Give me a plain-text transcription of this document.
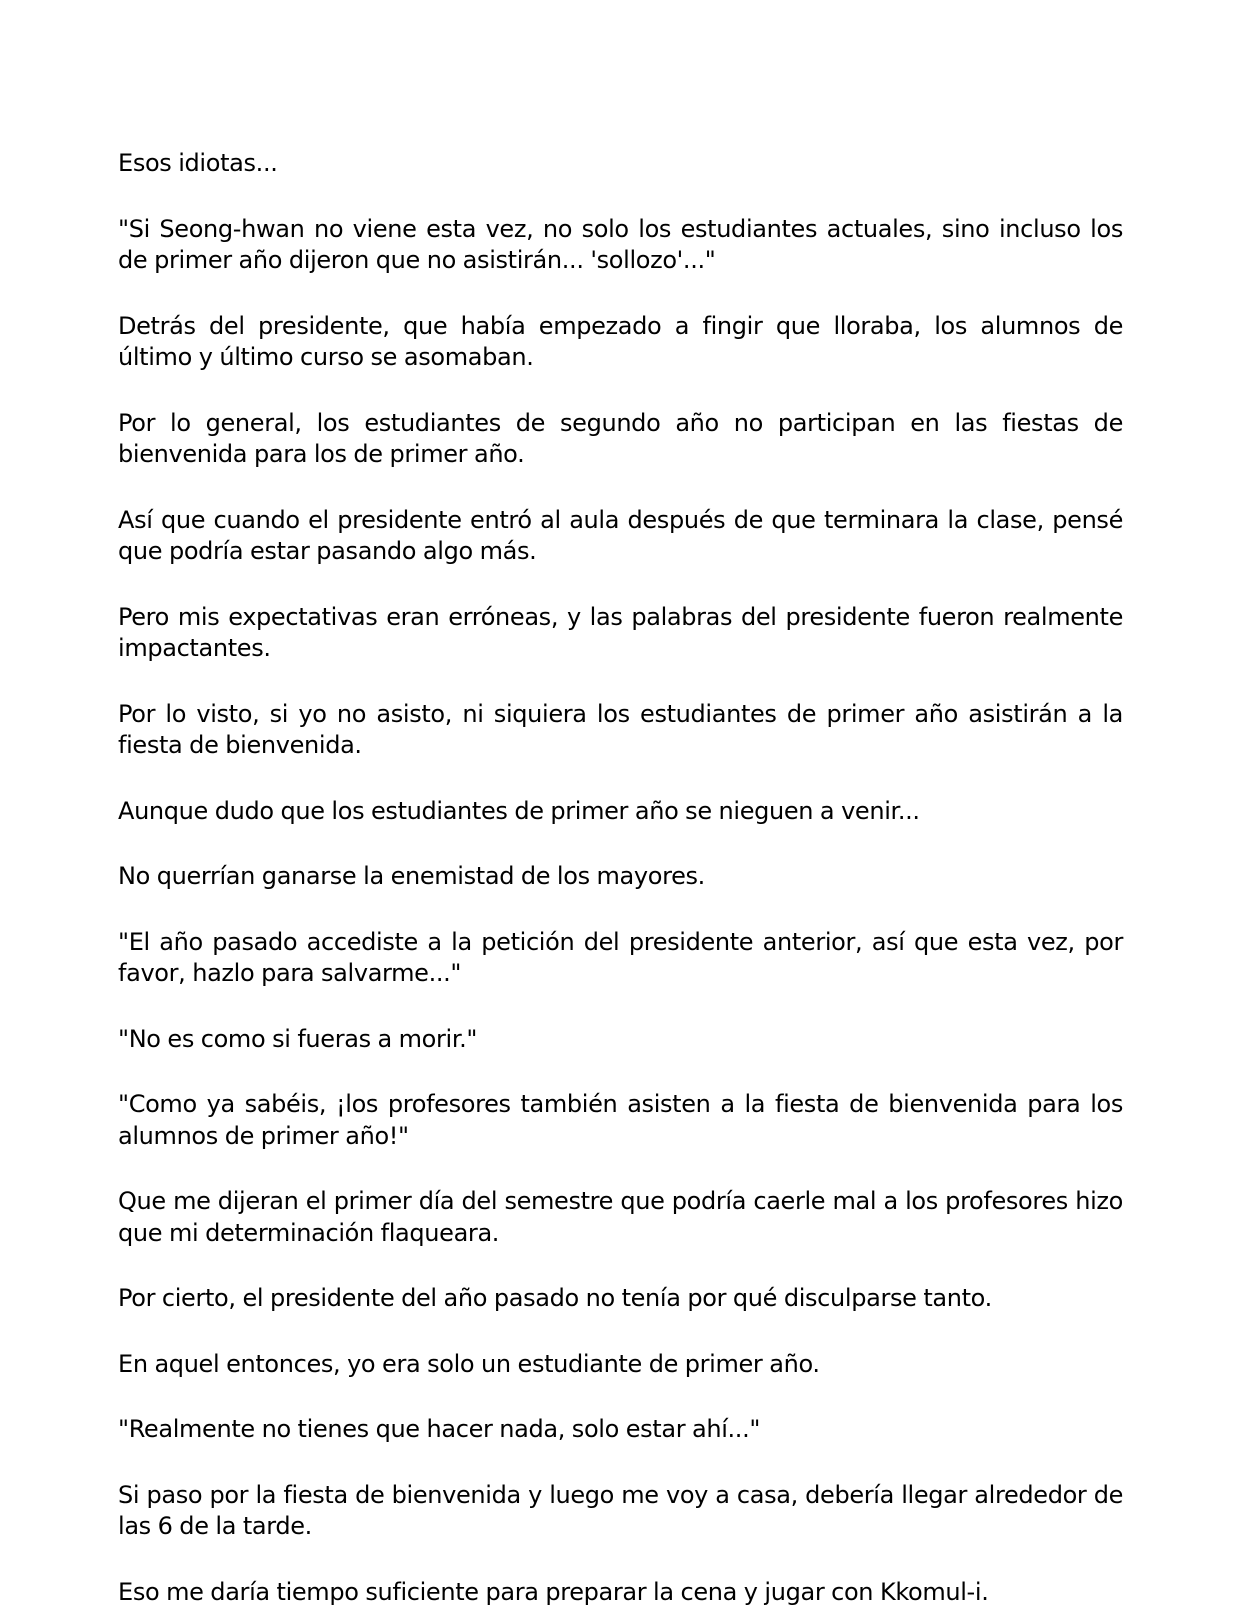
Esos idiotas...

"Si Seong-hwan no viene esta vez, no solo los estudiantes actuales, sino incluso los de primer año dijeron que no asistirán... 'sollozo'..."

Detrás del presidente, que había empezado a fingir que lloraba, los alumnos de último y último curso se asomaban.

Por lo general, los estudiantes de segundo año no participan en las fiestas de bienvenida para los de primer año.

Así que cuando el presidente entró al aula después de que terminara la clase, pensé que podría estar pasando algo más.

Pero mis expectativas eran erróneas, y las palabras del presidente fueron realmente impactantes.

Por lo visto, si yo no asisto, ni siquiera los estudiantes de primer año asistirán a la fiesta de bienvenida.

Aunque dudo que los estudiantes de primer año se nieguen a venir...

No querrían ganarse la enemistad de los mayores.

"El año pasado accediste a la petición del presidente anterior, así que esta vez, por favor, hazlo para salvarme..."

"No es como si fueras a morir."

"Como ya sabéis, ¡los profesores también asisten a la fiesta de bienvenida para los alumnos de primer año!"

Que me dijeran el primer día del semestre que podría caerle mal a los profesores hizo que mi determinación flaqueara.

Por cierto, el presidente del año pasado no tenía por qué disculparse tanto.

En aquel entonces, yo era solo un estudiante de primer año.

"Realmente no tienes que hacer nada, solo estar ahí..."

Si paso por la fiesta de bienvenida y luego me voy a casa, debería llegar alrededor de las 6 de la tarde.

Eso me daría tiempo suficiente para preparar la cena y jugar con Kkomul-i.
